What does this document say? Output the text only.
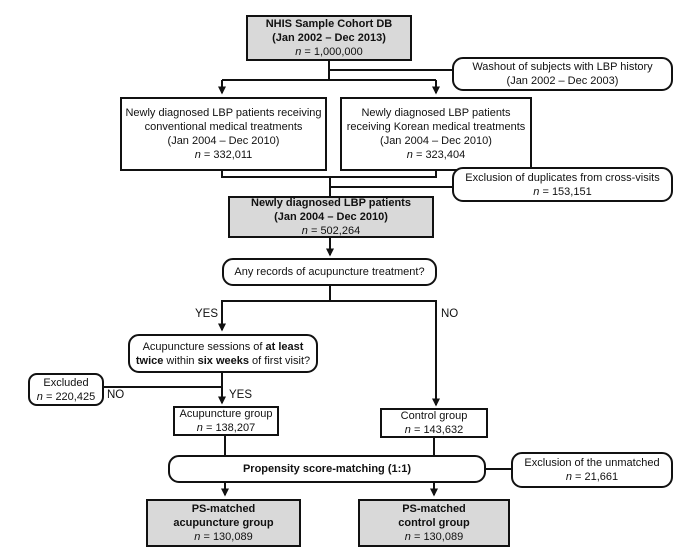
NHIS Sample Cohort DB
(Jan 2002 – Dec 2013)
n = 1,000,000
Washout of subjects with LBP history
(Jan 2002 – Dec 2003)
Newly diagnosed LBP patients receiving
conventional medical treatments
(Jan 2004 – Dec 2010)
n = 332,011
Newly diagnosed LBP patients
receiving Korean medical treatments
(Jan 2004 – Dec 2010)
n = 323,404
Exclusion of duplicates from cross-visits
n = 153,151
Newly diagnosed LBP patients
(Jan 2004 – Dec 2010)
n = 502,264
Any records of acupuncture treatment?
YES	NO
Acupuncture sessions of at least
twice within six weeks of first visit?
Excluded
n = 220,425 NO	YES
Acupuncture group
n = 138,207
Control group
n = 143,632
Propensity score-matching (1:1)	Exclusion of the unmatched
n = 21,661
PS-matched
acupuncture group
n = 130,089
PS-matched
control group
n = 130,089
